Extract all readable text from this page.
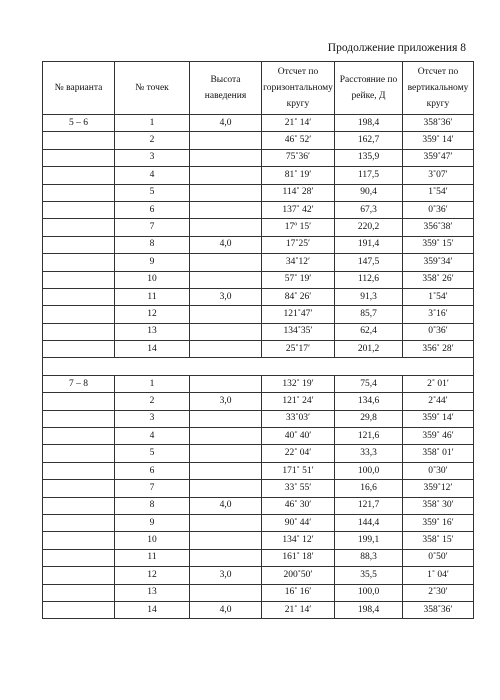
Продолжение приложения 8
№ варианта	№ точек	Высота наведения	Отсчет по горизонтальному кругу	Расстояние по рейке, Д	Отсчет по вертикальному кругу
5 – 6	1	4,0	21˚ 14′	198,4	358˚36′
	2		46˚ 52′	162,7	359˚ 14′
	3		75˚36′	135,9	359˚47′
	4		81˚ 19′	117,5	3˚07′
	5		114˚ 28′	90,4	1˚54′
	6		137˚ 42′	67,3	0˚36′
	7		17º 15′	220,2	356˚38′
	8	4,0	17˚25′	191,4	359˚ 15′
	9		34˚12′	147,5	359˚34′
	10		57˚ 19′	112,6	358˚ 26′
	11	3,0	84˚ 26′	91,3	1˚54′
	12		121˚47′	85,7	3˚16′
	13		134˚35′	62,4	0˚36′
	14		25˚17′	201,2	356˚ 28′

7 – 8	1		132˚ 19′	75,4	2˚ 01′
	2	3,0	121˚ 24′	134,6	2˚44′
	3		33˚03′	29,8	359˚ 14′
	4		40˚ 40′	121,6	359˚ 46′
	5		22˚ 04′	33,3	358˚ 01′
	6		171˚ 51′	100,0	0˚30′
	7		33˚ 55′	16,6	359˚12′
	8	4,0	46˚ 30′	121,7	358˚ 30′
	9		90˚ 44′	144,4	359˚ 16′
	10		134˚ 12′	199,1	358˚ 15′
	11		161˚ 18′	88,3	0˚50′
	12	3,0	200˚50′	35,5	1˚ 04′
	13		16˚ 16′	100,0	2˚30′
	14	4,0	21˚ 14′	198,4	358˚36′
